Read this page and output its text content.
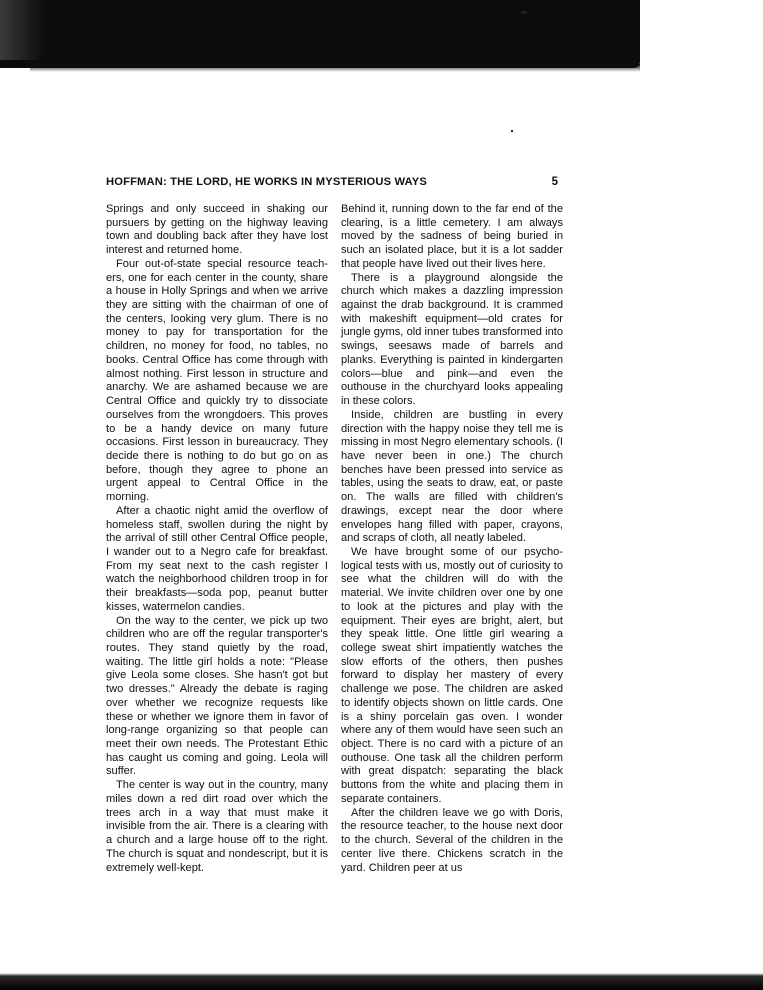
HOFFMAN: THE LORD, HE WORKS IN MYSTERIOUS WAYS	5

Springs and only succeed in shaking our pursuers by getting on the highway leaving town and doubling back after they have lost interest and returned home.

Four out-of-state special resource teachers, one for each center in the county, share a house in Holly Springs and when we arrive they are sitting with the chairman of one of the centers, looking very glum. There is no money to pay for transportation for the children, no money for food, no tables, no books. Central Office has come through with almost nothing. First lesson in structure and anarchy. We are ashamed because we are Central Office and quickly try to dissociate ourselves from the wrongdoers. This proves to be a handy device on many future occasions. First lesson in bureaucracy. They decide there is nothing to do but go on as before, though they agree to phone an urgent appeal to Central Office in the morning.

After a chaotic night amid the overflow of homeless staff, swollen during the night by the arrival of still other Central Office people, I wander out to a Negro cafe for breakfast. From my seat next to the cash register I watch the neighborhood children troop in for their breakfasts—soda pop, peanut butter kisses, watermelon candies.

On the way to the center, we pick up two children who are off the regular transporter's routes. They stand quietly by the road, waiting. The little girl holds a note: "Please give Leola some closes. She hasn't got but two dresses." Already the debate is raging over whether we recognize requests like these or whether we ignore them in favor of long-range organizing so that people can meet their own needs. The Protestant Ethic has caught us coming and going. Leola will suffer.

The center is way out in the country, many miles down a red dirt road over which the trees arch in a way that must make it invisible from the air. There is a clearing with a church and a large house off to the right. The church is squat and nondescript, but it is extremely well-kept.

Behind it, running down to the far end of the clearing, is a little cemetery. I am always moved by the sadness of being buried in such an isolated place, but it is a lot sadder that people have lived out their lives here.

There is a playground alongside the church which makes a dazzling impression against the drab background. It is crammed with makeshift equipment—old crates for jungle gyms, old inner tubes transformed into swings, seesaws made of barrels and planks. Everything is painted in kindergarten colors—blue and pink—and even the outhouse in the churchyard looks appealing in these colors.

Inside, children are bustling in every direction with the happy noise they tell me is missing in most Negro elementary schools. (I have never been in one.) The church benches have been pressed into service as tables, using the seats to draw, eat, or paste on. The walls are filled with children's drawings, except near the door where envelopes hang filled with paper, crayons, and scraps of cloth, all neatly labeled.

We have brought some of our psychological tests with us, mostly out of curiosity to see what the children will do with the material. We invite children over one by one to look at the pictures and play with the equipment. Their eyes are bright, alert, but they speak little. One little girl wearing a college sweat shirt impatiently watches the slow efforts of the others, then pushes forward to display her mastery of every challenge we pose. The children are asked to identify objects shown on little cards. One is a shiny porcelain gas oven. I wonder where any of them would have seen such an object. There is no card with a picture of an outhouse. One task all the children perform with great dispatch: separating the black buttons from the white and placing them in separate containers.

After the children leave we go with Doris, the resource teacher, to the house next door to the church. Several of the children in the center live there. Chickens scratch in the yard. Children peer at us
